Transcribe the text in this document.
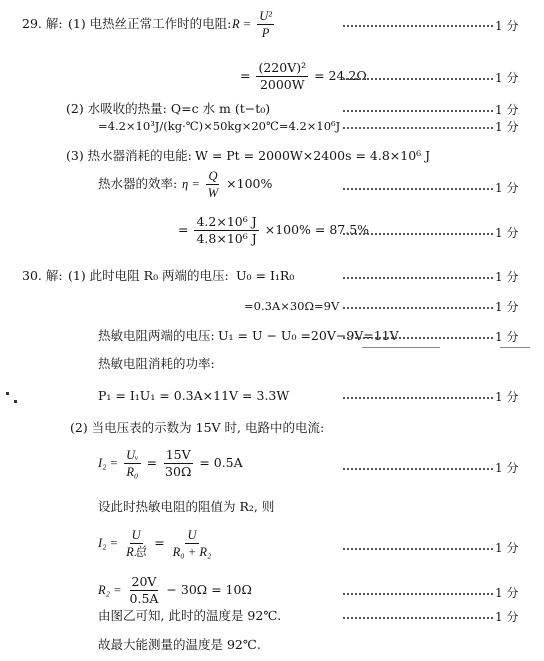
29. 解: (1) 电热丝正常工作时的电阻: $R = \frac{\text{U²}}{P}$	1 分
= $\frac{\text{(220V)²}}{2000W} = 24.2\Omega$	1 分
(2) 水吸收的热量: Q=c 水 m (t−t₀)	1 分
=4.2×10³J/(kg·℃)×50kg×20℃=4.2×10⁶J	1 分
(3) 热水器消耗的电能: W = Pt = 2000W×2400s = 4.8×10⁶ J
热水器的效率: $\eta = \frac{Q}{W} \times 100\%$	1 分
= $\frac{\text{4.2×10⁶ J}}{\text{4.8×10⁶ J}} \times 100\% = 87.5\%$	1 分
30. 解: (1) 此时电阻 R₀ 两端的电压: U₀ = I₁R₀	1 分
=0.3A×30Ω=9V	1 分
热敏电阻两端的电压: U₁ = U − U₀ =20V−9V=11V	1 分
热敏电阻消耗的功率:
P₁ = I₁U₁ = 0.3A×11V = 3.3W	1 分
(2) 当电压表的示数为 15V 时, 电路中的电流:
$I_2 = \frac{\text{Uᵥ}}{\text{R₀}} = \frac{15V}{30\Omega} = 0.5A$	1 分
设此时热敏电阻的阻值为 R₂, 则
$I_2 = \frac{U}{\text{R总}} = \frac{U}{\text{R₀ + R₂}}$	1 分
$R_2 = \frac{20V}{0.5A} - 30\Omega = 10\Omega$	1 分
由图乙可知, 此时的温度是 92℃.	1 分
故最大能测量的温度是 92℃.
